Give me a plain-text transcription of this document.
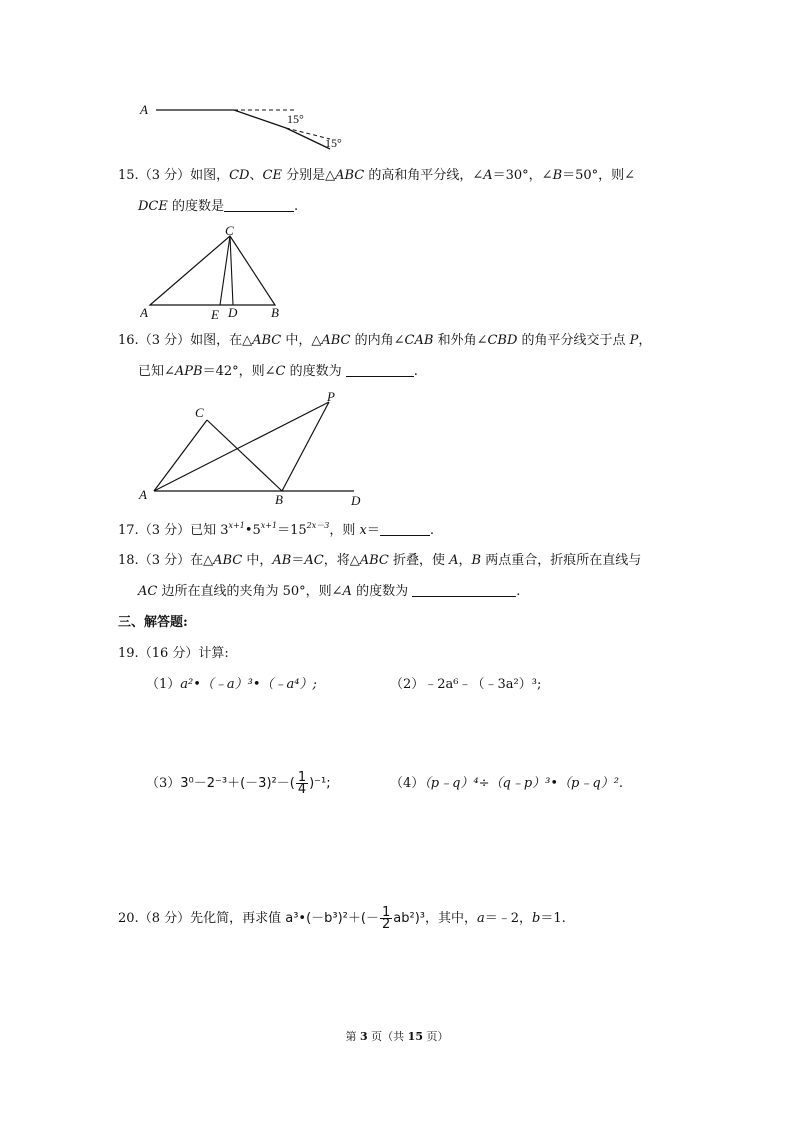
A
15°
15°
15.（3 分）如图，CD、CE 分别是△ABC 的高和角平分线，∠A＝30°，∠B＝50°，则∠
DCE 的度数是	.
C
A	E D	B
16.（3 分）如图，在△ABC 中，△ABC 的内角∠CAB 和外角∠CBD 的角平分线交于点 P，
已知∠APB＝42°，则∠C 的度数为	.
C
P
A	B	D
17.（3 分）已知 $3^{x+1}•5^{x+1}=15^{2x-3}$，则 x＝	.
18.（3 分）在△ABC 中，AB＝AC，将△ABC 折叠，使 A，B 两点重合，折痕所在直线与
AC 边所在直线的夹角为 50°，则∠A 的度数为	.
三、解答题:
19.（16 分）计算:
（1）a²•（﹣a）³•（﹣a⁴）;	（2）﹣2a⁶﹣（﹣3a²）³;
$(3)3^0-2^{-3}+(-3)^2-( \frac{1}{4} )^{-1}$;	（4）（p﹣q）⁴÷（q﹣p）³•（p﹣q）².
20.（8 分）先化简，再求值 a³•(－b³)²＋(－ $\frac{1}{2} ab^2)^3$，其中，a＝﹣2，b＝1.
第 3 页（共 15 页）
